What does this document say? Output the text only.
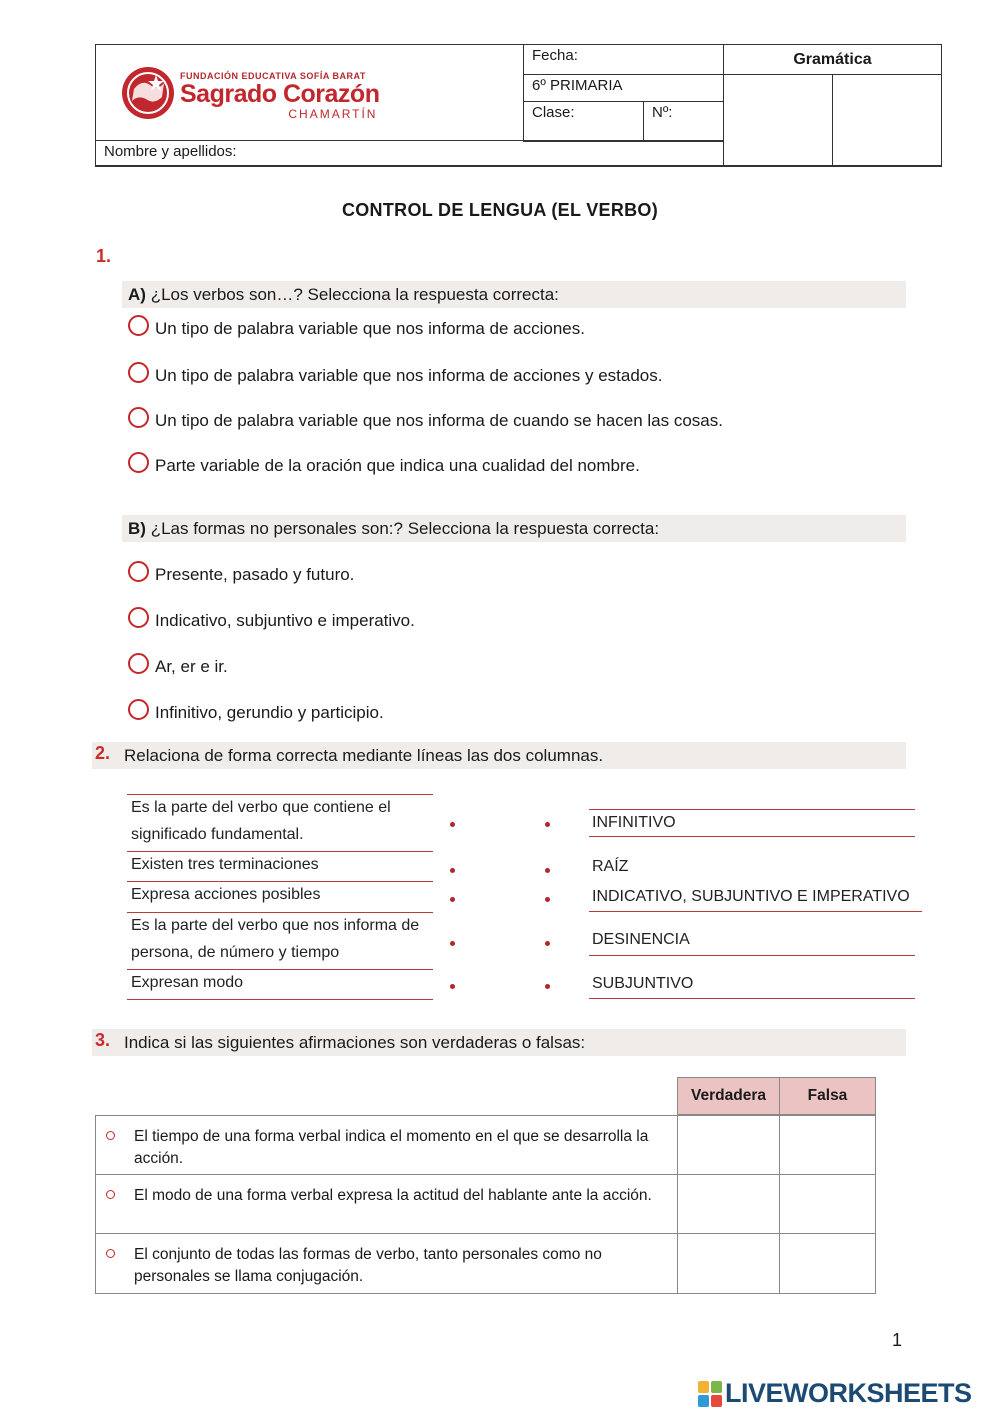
FUNDACIÓN EDUCATIVA SOFÍA BARAT
Sagrado Corazón
CHAMARTÍN
Fecha:
6º PRIMARIA
Clase:	Nº:
Nombre y apellidos:
Gramática
CONTROL DE LENGUA (EL VERBO)
1.
A) ¿Los verbos son…? Selecciona la respuesta correcta:
Un tipo de palabra variable que nos informa de acciones.
Un tipo de palabra variable que nos informa de acciones y estados.
Un tipo de palabra variable que nos informa de cuando se hacen las cosas.
Parte variable de la oración que indica una cualidad del nombre.
B) ¿Las formas no personales son:? Selecciona la respuesta correcta:
Presente, pasado y futuro.
Indicativo, subjuntivo e imperativo.
Ar, er e ir.
Infinitivo, gerundio y participio.
Relaciona de forma correcta mediante líneas las dos columnas.
2.
Es la parte del verbo que contiene el significado fundamental.
Existen tres terminaciones
Expresa acciones posibles
Es la parte del verbo que nos informa de persona, de número y tiempo
Expresan modo
INFINITIVO
RAÍZ
INDICATIVO, SUBJUNTIVO E IMPERATIVO
DESINENCIA
SUBJUNTIVO
Indica si las siguientes afirmaciones son verdaderas o falsas:
3.
Verdadera	Falsa
El tiempo de una forma verbal indica el momento en el que se desarrolla la acción.
El modo de una forma verbal expresa la actitud del hablante ante la acción.
El conjunto de todas las formas de verbo, tanto personales como no personales se llama conjugación.
1
LIVEWORKSHEETS
